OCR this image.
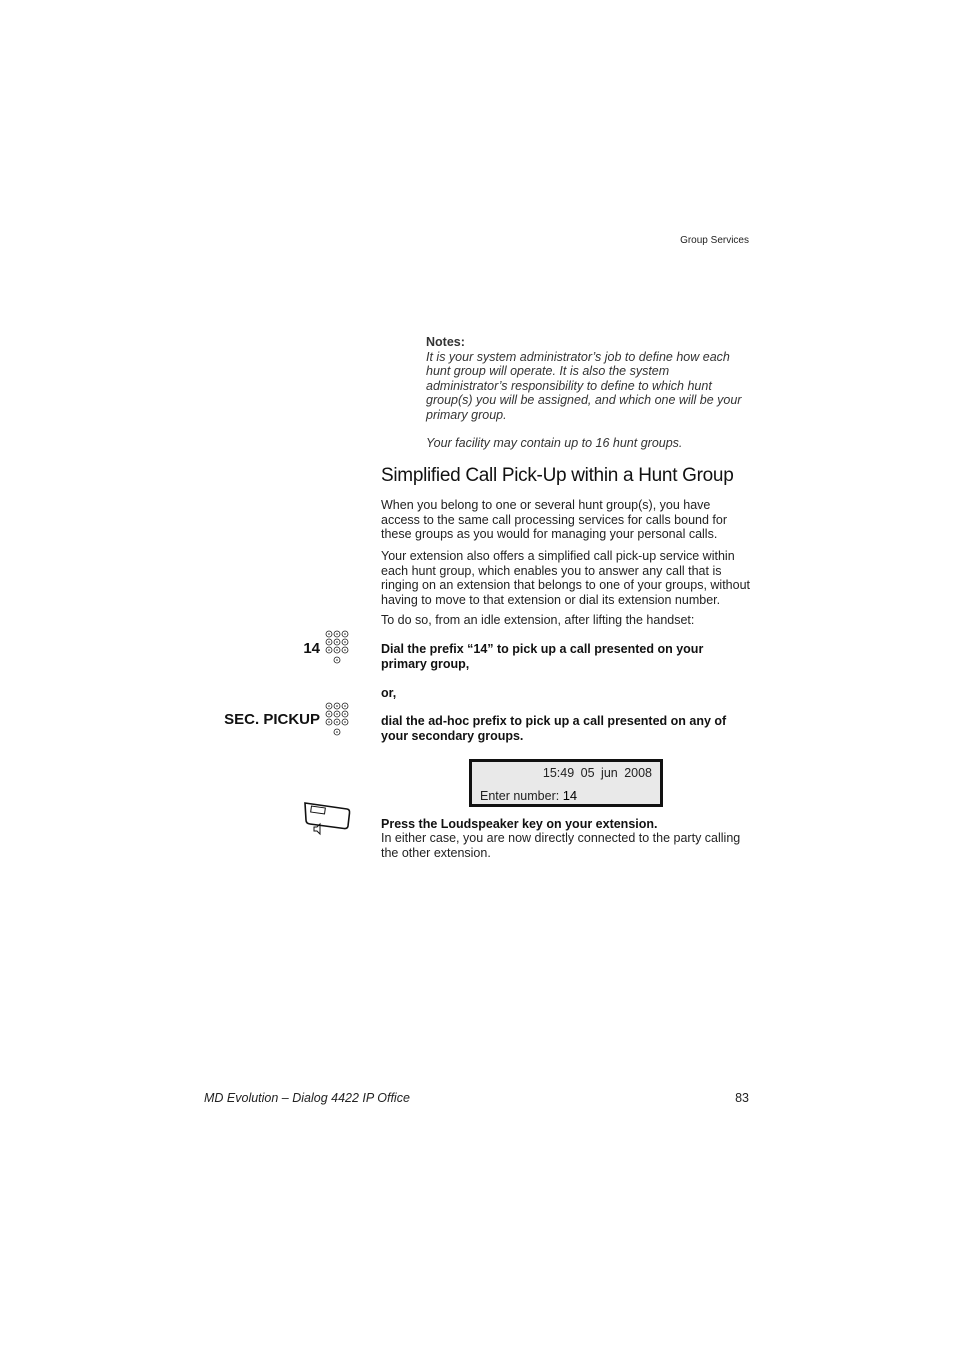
Group Services
Notes:
It is your system administrator’s job to define how each hunt group will operate. It is also the system administrator’s responsibility to define to which hunt group(s) you will be assigned, and which one will be your primary group.
Your facility may contain up to 16 hunt groups.
Simplified Call Pick-Up within a Hunt Group
When you belong to one or several hunt group(s), you have access to the same call processing services for calls bound for these groups as you would for managing your personal calls.
Your extension also offers a simplified call pick-up service within each hunt group, which enables you to answer any call that is ringing on an extension that belongs to one of your groups, without having to move to that extension or dial its extension number.
To do so, from an idle extension, after lifting the handset:
14	Dial the prefix “14” to pick up a call presented on your primary group,
or,
SEC. PICKUP	dial the ad-hoc prefix to pick up a call presented on any of your secondary groups.
15:49 05 jun 2008
Enter number: 14
Press the Loudspeaker key on your extension.
In either case, you are now directly connected to the party calling the other extension.
MD Evolution – Dialog 4422 IP Office	83
